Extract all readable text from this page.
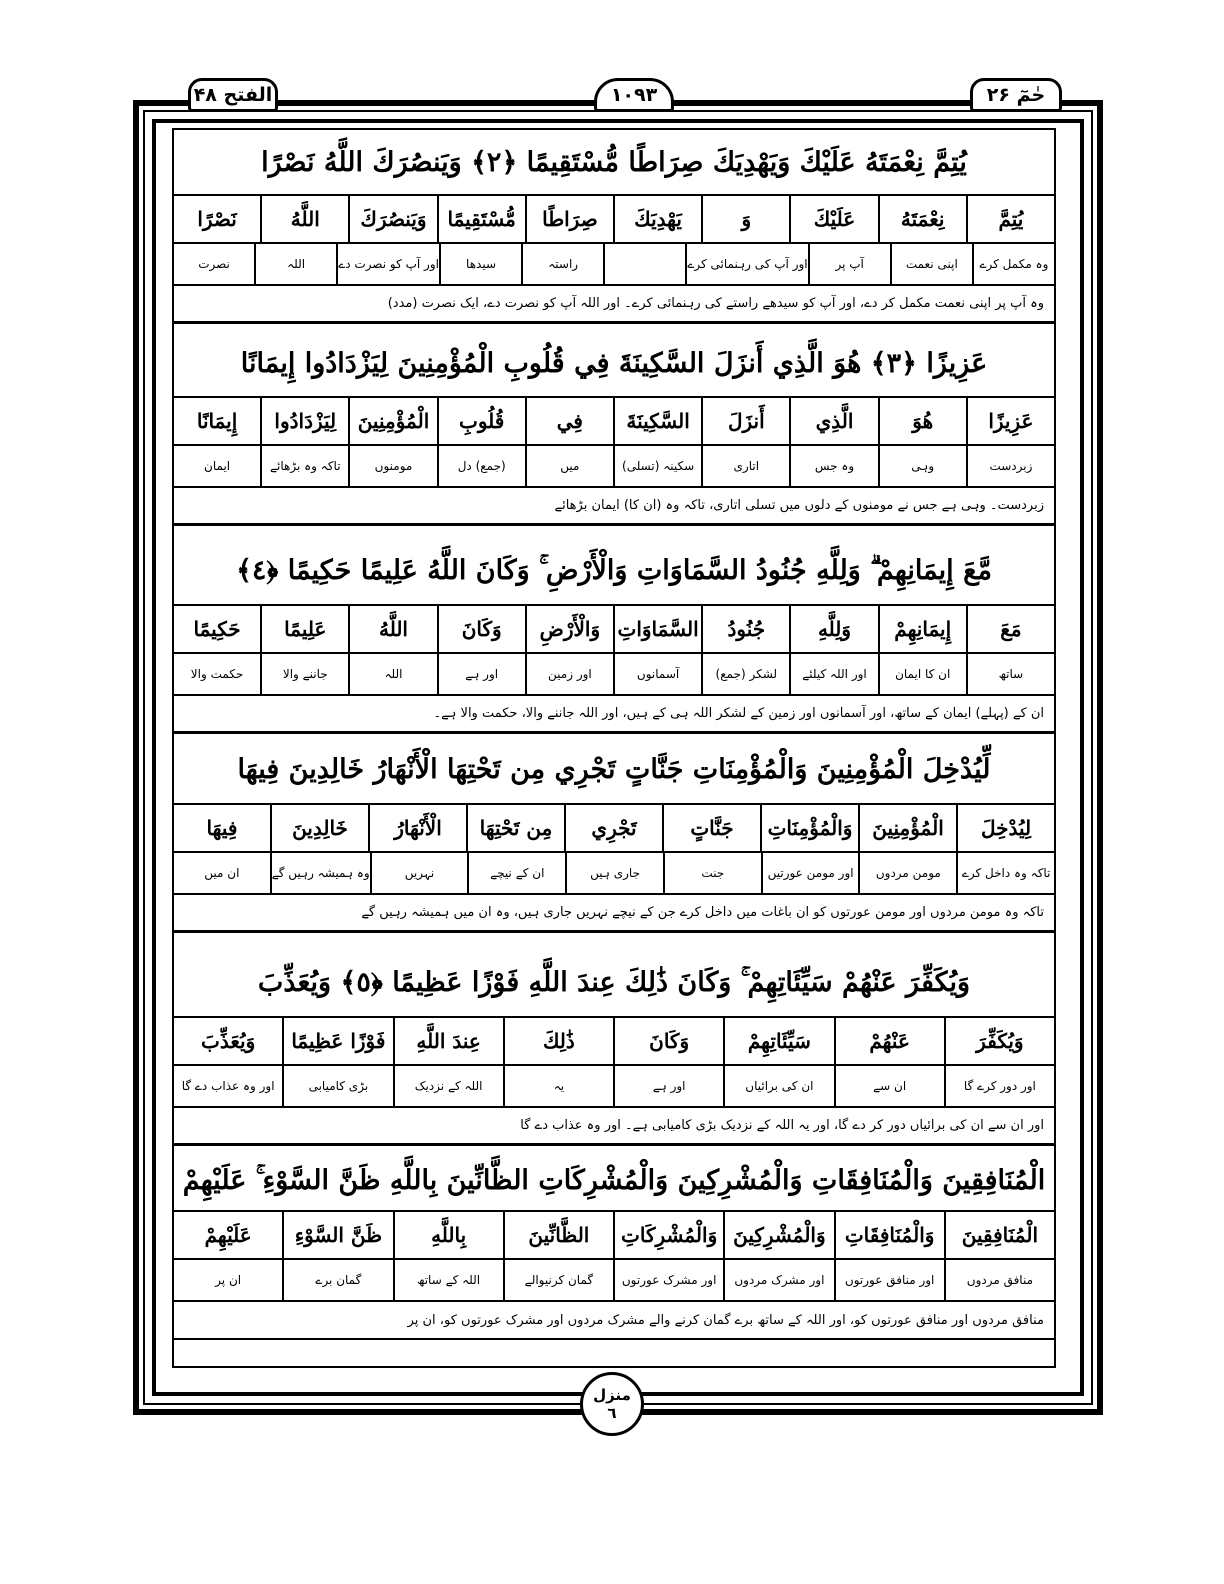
الفتح ۴۸	١٠٩٣	حٰمٓ ۲۶
يُتِمَّ نِعْمَتَهُ عَلَيْكَ وَيَهْدِيَكَ صِرَاطًا مُّسْتَقِيمًا ﴿٢﴾ وَيَنصُرَكَ اللَّهُ نَصْرًا
يُتِمَّ
نِعْمَتَهُ
عَلَيْكَ
وَ
يَهْدِيَكَ
صِرَاطًا
مُّسْتَقِيمًا
وَيَنصُرَكَ
اللَّهُ
نَصْرًا
وہ مکمل کرے
اپنی نعمت
آپ پر
اور آپ کی رہنمائی کرے
راستہ
سیدھا
اور آپ کو نصرت دے
اللہ
نصرت
وہ آپ پر اپنی نعمت مکمل کر دے، اور آپ کو سیدھے راستے کی رہنمائی کرے۔ اور اللہ آپ کو نصرت دے، ایک نصرت (مدد)
عَزِيزًا ﴿٣﴾ هُوَ الَّذِي أَنزَلَ السَّكِينَةَ فِي قُلُوبِ الْمُؤْمِنِينَ لِيَزْدَادُوا إِيمَانًا
عَزِيزًا
هُوَ
الَّذِي
أَنزَلَ
السَّكِينَةَ
فِي
قُلُوبِ
الْمُؤْمِنِينَ
لِيَزْدَادُوا
إِيمَانًا
زبردست
وہی
وہ جس
اتاری
سکینہ (تسلی)
میں
(جمع) دل
مومنوں
تاکہ وہ بڑھائے
ایمان
زبردست۔ وہی ہے جس نے مومنوں کے دلوں میں تسلی اتاری، تاکہ وہ (ان کا) ایمان بڑھائے
مَّعَ إِيمَانِهِمْ ۗ وَلِلَّهِ جُنُودُ السَّمَاوَاتِ وَالْأَرْضِ ۚ وَكَانَ اللَّهُ عَلِيمًا حَكِيمًا ﴿٤﴾
مَعَ
إِيمَانِهِمْ
وَلِلَّهِ
جُنُودُ
السَّمَاوَاتِ
وَالْأَرْضِ
وَكَانَ
اللَّهُ
عَلِيمًا
حَكِيمًا
ساتھ
ان کا ایمان
اور اللہ کیلئے
لشکر (جمع)
آسمانوں
اور زمین
اور ہے
اللہ
جاننے والا
حکمت والا
ان کے (پہلے) ایمان کے ساتھ، اور آسمانوں اور زمین کے لشکر اللہ ہی کے ہیں، اور اللہ جاننے والا، حکمت والا ہے۔
لِّيُدْخِلَ الْمُؤْمِنِينَ وَالْمُؤْمِنَاتِ جَنَّاتٍ تَجْرِي مِن تَحْتِهَا الْأَنْهَارُ خَالِدِينَ فِيهَا
لِيُدْخِلَ
الْمُؤْمِنِينَ
وَالْمُؤْمِنَاتِ
جَنَّاتٍ
تَجْرِي
مِن تَحْتِهَا
الْأَنْهَارُ
خَالِدِينَ
فِيهَا
تاکہ وہ داخل کرے
مومن مردوں
اور مومن عورتیں
جنت
جاری ہیں
ان کے نیچے
نہریں
وہ ہمیشہ رہیں گے
ان میں
تاکہ وہ مومن مردوں اور مومن عورتوں کو ان باغات میں داخل کرے جن کے نیچے نہریں جاری ہیں، وہ ان میں ہمیشہ رہیں گے
وَيُكَفِّرَ عَنْهُمْ سَيِّئَاتِهِمْ ۚ وَكَانَ ذَٰلِكَ عِندَ اللَّهِ فَوْزًا عَظِيمًا ﴿٥﴾ وَيُعَذِّبَ
وَيُكَفِّرَ
عَنْهُمْ
سَيِّئَاتِهِمْ
وَكَانَ
ذَٰلِكَ
عِندَ اللَّهِ
فَوْزًا عَظِيمًا
وَيُعَذِّبَ
اور دور کرے گا
ان سے
ان کی برائیاں
اور ہے
یہ
اللہ کے نزدیک
بڑی کامیابی
اور وہ عذاب دے گا
اور ان سے ان کی برائیاں دور کر دے گا، اور یہ اللہ کے نزدیک بڑی کامیابی ہے۔ اور وہ عذاب دے گا
الْمُنَافِقِينَ وَالْمُنَافِقَاتِ وَالْمُشْرِكِينَ وَالْمُشْرِكَاتِ الظَّانِّينَ بِاللَّهِ ظَنَّ السَّوْءِ ۚ عَلَيْهِمْ
الْمُنَافِقِينَ
وَالْمُنَافِقَاتِ
وَالْمُشْرِكِينَ
وَالْمُشْرِكَاتِ
الظَّانِّينَ
بِاللَّهِ
ظَنَّ السَّوْءِ
عَلَيْهِمْ
منافق مردوں
اور منافق عورتوں
اور مشرک مردوں
اور مشرک عورتوں
گمان کرنیوالے
اللہ کے ساتھ
گمان برے
ان پر
منافق مردوں اور منافق عورتوں کو، اور اللہ کے ساتھ برے گمان کرنے والے مشرک مردوں اور مشرک عورتوں کو، ان پر
منزل
٦
